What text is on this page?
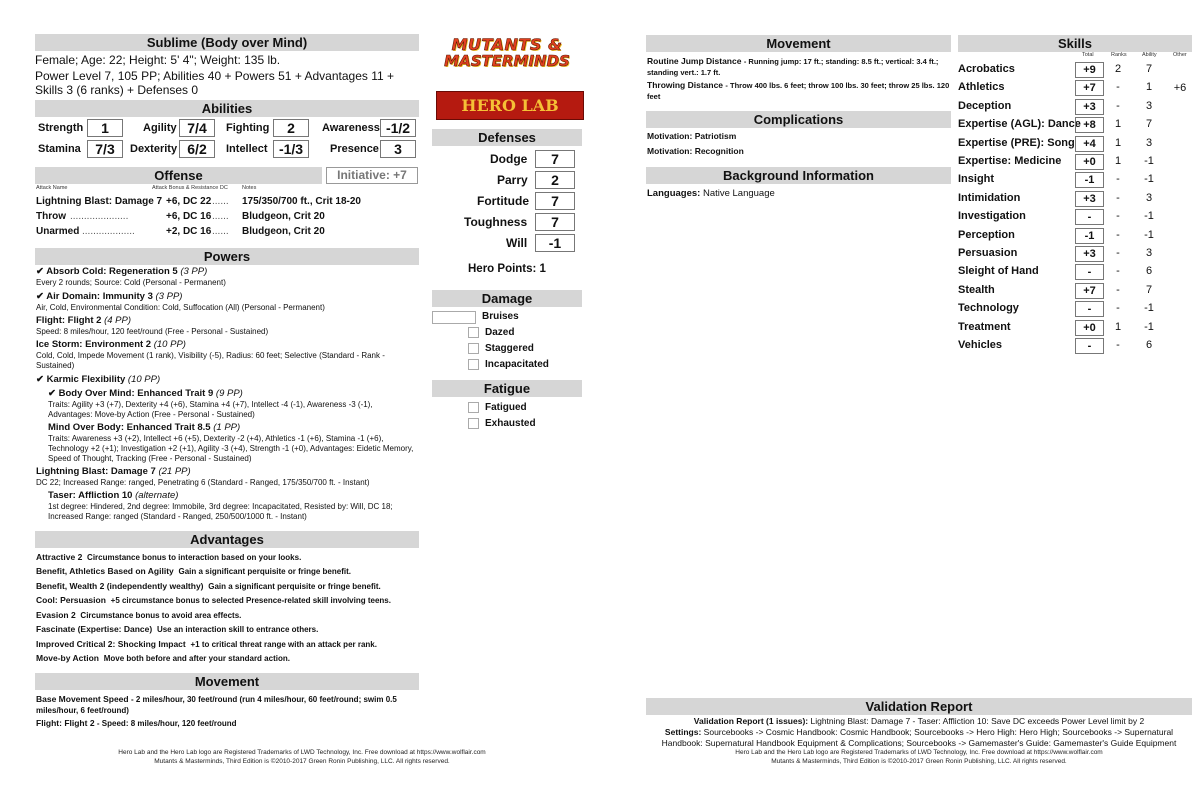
Sublime (Body over Mind)
Female; Age: 22; Height: 5' 4"; Weight: 135 lb.
Power Level 7, 105 PP; Abilities 40 + Powers 51 + Advantages 11 + Skills 3 (6 ranks) + Defenses 0
Abilities
Strength	1	Agility 7/4	Fighting	2	Awareness -1/2
Stamina	7/3	Dexterity 6/2	Intellect -1/3	Presence	3
Offense	Initiative: +7
Attack Name	Attack Bonus & Resistance DC	Notes
Lightning Blast: Damage 7 +6, DC 22 ...... 175/350/700 ft., Crit 18-20
Throw .....................	+6, DC 16 ...... Bludgeon, Crit 20
Unarmed ...................	+2, DC 16 ...... Bludgeon, Crit 20
Powers
✔ Absorb Cold: Regeneration 5 (3 PP)
Every 2 rounds; Source: Cold (Personal - Permanent)
✔ Air Domain: Immunity 3 (3 PP)
Air, Cold, Environmental Condition: Cold, Suffocation (All) (Personal - Permanent)
Flight: Flight 2 (4 PP)
Speed: 8 miles/hour, 120 feet/round (Free - Personal - Sustained)
Ice Storm: Environment 2 (10 PP)
Cold, Cold, Impede Movement (1 rank), Visibility (-5), Radius: 60 feet; Selective (Standard - Rank - Sustained)
✔ Karmic Flexibility (10 PP)
✔ Body Over Mind: Enhanced Trait 9 (9 PP)
Traits: Agility +3 (+7), Dexterity +4 (+6), Stamina +4 (+7), Intellect -4 (-1), Awareness -3 (-1), Advantages: Move-by Action (Free - Personal - Sustained)
Mind Over Body: Enhanced Trait 8.5 (1 PP)
Traits: Awareness +3 (+2), Intellect +6 (+5), Dexterity -2 (+4), Athletics -1 (+6), Stamina -1 (+6), Technology +2 (+1); Investigation +2 (+1), Agility -3 (+4), Strength -1 (+0), Advantages: Eidetic Memory, Speed of Thought, Tracking (Free - Personal - Sustained)
Lightning Blast: Damage 7 (21 PP)
DC 22; Increased Range: ranged, Penetrating 6 (Standard - Ranged, 175/350/700 ft. - Instant)
Taser: Affliction 10 (alternate)
1st degree: Hindered, 2nd degree: Immobile, 3rd degree: Incapacitated, Resisted by: Will, DC 18; Increased Range: ranged (Standard - Ranged, 250/500/1000 ft. - Instant)
Advantages
Attractive 2 Circumstance bonus to interaction based on your looks.
Benefit, Athletics Based on Agility Gain a significant perquisite or fringe benefit.
Benefit, Wealth 2 (independently wealthy) Gain a significant perquisite or fringe benefit.
Cool: Persuasion +5 circumstance bonus to selected Presence-related skill involving teens.
Evasion 2 Circumstance bonus to avoid area effects.
Fascinate (Expertise: Dance) Use an interaction skill to entrance others.
Improved Critical 2: Shocking Impact +1 to critical threat range with an attack per rank.
Move-by Action Move both before and after your standard action.
Movement
Base Movement Speed - 2 miles/hour, 30 feet/round (run 4 miles/hour, 60 feet/round; swim 0.5 miles/hour, 6 feet/round)
Flight: Flight 2 - Speed: 8 miles/hour, 120 feet/round
Hero Lab and the Hero Lab logo are Registered Trademarks of LWD Technology, Inc. Free download at https://www.wolflair.com
Mutants & Masterminds, Third Edition is ©2010-2017 Green Ronin Publishing, LLC. All rights reserved.
MUTANTS &
MASTERMINDS
HERO LAB
Defenses
Dodge	7
Parry	2
Fortitude	7
Toughness	7
Will	-1
Hero Points: 1
Damage
Bruises
Dazed
Staggered
Incapacitated
Fatigue
Fatigued
Exhausted
Movement
Routine Jump Distance - Running jump: 17 ft.; standing: 8.5 ft.; vertical: 3.4 ft.; standing vert.: 1.7 ft.
Throwing Distance - Throw 400 lbs. 6 feet; throw 100 lbs. 30 feet; throw 25 lbs. 120 feet
Complications
Motivation: Patriotism
Motivation: Recognition
Background Information
Languages: Native Language
Skills
Total	Ranks	Ability	Other
Acrobatics	+9	2	7
Athletics	+7	-	1	+6
Deception	+3	-	3
Expertise (AGL): Dance +8	1	7
Expertise (PRE): Song +4	1	3
Expertise: Medicine	+0	1	-1
Insight	-1	-	-1
Intimidation	+3	-	3
Investigation	-	-	-1
Perception	-1	-	-1
Persuasion	+3	-	3
Sleight of Hand	-	-	6
Stealth	+7	-	7
Technology	-	-	-1
Treatment	+0	1	-1
Vehicles	-	-	6
Validation Report
Validation Report (1 issues): Lightning Blast: Damage 7 - Taser: Affliction 10: Save DC exceeds Power Level limit by 2
Settings: Sourcebooks -> Cosmic Handbook: Cosmic Handbook; Sourcebooks -> Hero High: Hero High; Sourcebooks -> Supernatural Handbook: Supernatural Handbook Equipment & Complications; Sourcebooks -> Gamemaster's Guide: Gamemaster's Guide Equipment
Hero Lab and the Hero Lab logo are Registered Trademarks of LWD Technology, Inc. Free download at https://www.wolflair.com
Mutants & Masterminds, Third Edition is ©2010-2017 Green Ronin Publishing, LLC. All rights reserved.
